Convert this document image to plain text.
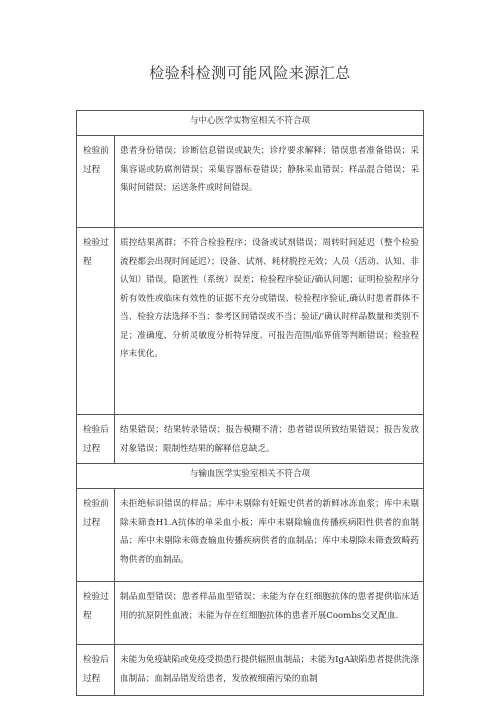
检验科检测可能风险来源汇总
与中心医学实物室相关不符合项	
检验前过程	患者身份错误；诊断信息错误或缺失；诊疗要求解释；错误患者准备错误；采集容谣或防腐剂错误；采集容器标卷错误；静脉采血错误；样品混合错误；采集时间错误；运送条件或时间错误。
检验过程	质控结果离群；不符合检验程序；设备或试剂错误；周转时间延迟（整个检验流程都会出现时间延迟）；设备、试剂、耗材脱控无效；人员（活动、认知、非认知）错误，隐匿性（系统）误差；检验程序验证/确认问题；证明检验程序分析有效性或临床有效性的证据不充分或错误、检验程序验证,确认时患者群体不当、检验方法选择不当；参考区间错误或不当；验证/‘确认时样品数量和类别不足；准确度、分析灵敏度分析特异度、可报告范围/临界值等判断错误；检验程序末优化。
检验后过程	结果错误；结果转录错误；报告模糊不清；患者错误所致结果错误；报告发放对象错误；限制性结果的解释信息缺乏。
与输血医学实验室相关不符合项	
检验前过程	未拒绝标识错误的样品；库中未剔除有妊娠史供者的新鲜冰冻血浆；库中未剔除未筛查H1.A抗体的单采血小板；库中未剔除输血传播疾病阳性供者的血制品；库中未剔除未筛查输血传播疾病供者的血制品；库中未剔除未筛查致畸药物供者的血制品。
检验过程	制品血型错误；患者样品血型错误；未能为存在红细胞抗体的患者提供临床适用的抗原阴性血液；未能为存在红细胞抗体的患者开展Coombs交叉配血.
检验后过程	未能为免疫缺陷或免疫受损患行提供辐照血制品；未能为IgA缺陷患者提供洗涤血制品；血制品错发给患者，发放被细菌污染的血制
